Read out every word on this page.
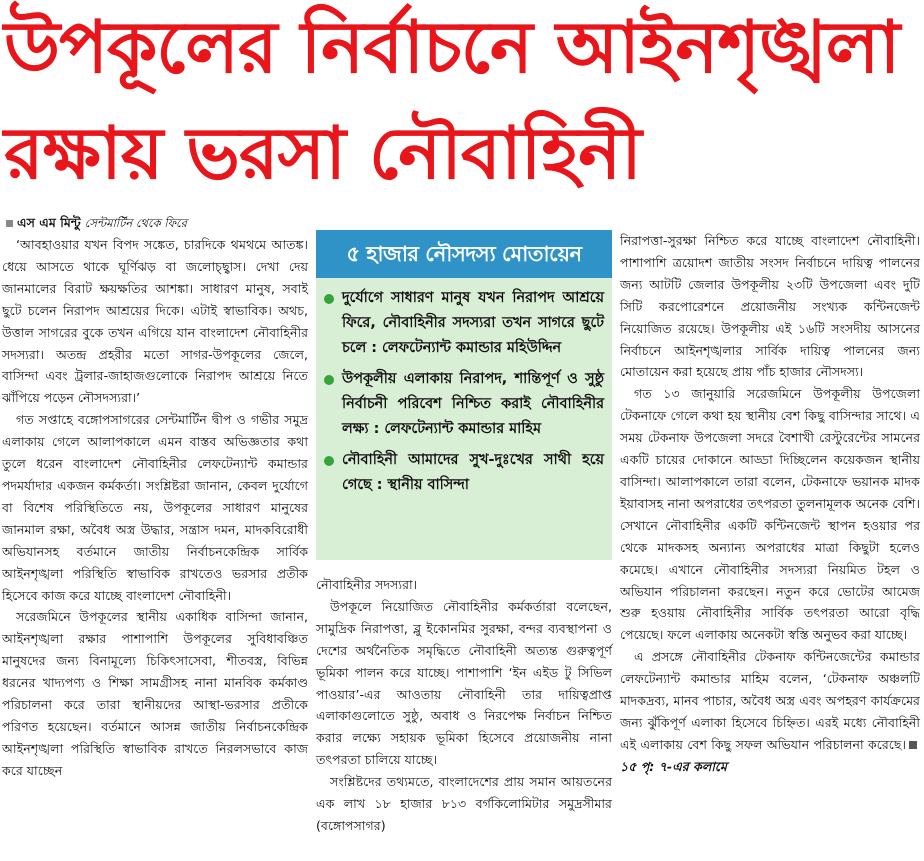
উপকূলের নির্বাচনে আইনশৃঙ্খলা
রক্ষায় ভরসা নৌবাহিনী
এস এম মিন্টু সেন্টমার্টিন থেকে ফিরে

‘আবহাওয়ার যখন বিপদ সঙ্কেত, চারদিকে থমথমে আতঙ্ক। ধেয়ে আসতে থাকে ঘূর্ণিঝড় বা জলোচ্ছ্বাস। দেখা দেয় জানমালের বিরাট ক্ষয়ক্ষতির আশঙ্কা। সাধারণ মানুষ, সবাই ছুটে চলেন নিরাপদ আশ্রয়ের দিকে। এটাই স্বাভাবিক। অথচ, উত্তাল সাগরের বুকে তখন এগিয়ে যান বাংলাদেশ নৌবাহিনীর সদস্যরা। অতন্দ্র প্রহরীর মতো সাগর-উপকূলের জেলে, বাসিন্দা এবং ট্রলার-জাহাজগুলোকে নিরাপদ আশ্রয়ে নিতে ঝাঁপিয়ে পড়েন নৌসদস্যরা।’

গত সপ্তাহে বঙ্গোপসাগরের সেন্টমার্টিন দ্বীপ ও গভীর সমুদ্র এলাকায় গেলে আলাপকালে এমন বাস্তব অভিজ্ঞতার কথা তুলে ধরেন বাংলাদেশ নৌবাহিনীর লেফটেন্যান্ট কমান্ডার পদমর্যাদার একজন কর্মকর্তা। সংশ্লিষ্টরা জানান, কেবল দুর্যোগে বা বিশেষ পরিস্থিতিতে নয়, উপকূলের সাধারণ মানুষের জানমাল রক্ষা, অবৈধ অস্ত্র উদ্ধার, সন্ত্রাস দমন, মাদকবিরোধী অভিযানসহ বর্তমানে জাতীয় নির্বাচনকেন্দ্রিক সার্বিক আইনশৃঙ্খলা পরিস্থিতি স্বাভাবিক রাখতেও ভরসার প্রতীক হিসেবে কাজ করে যাচ্ছে বাংলাদেশ নৌবাহিনী।

সরেজমিনে উপকূলের স্থানীয় একাধিক বাসিন্দা জানান, আইনশৃঙ্খলা রক্ষার পাশাপাশি উপকূলের সুবিধাবঞ্চিত মানুষদের জন্য বিনামূল্যে চিকিৎসাসেবা, শীতবস্ত্র, বিভিন্ন ধরনের খাদ্যপণ্য ও শিক্ষা সামগ্রীসহ নানা মানবিক কর্মকাণ্ড পরিচালনা করে তারা স্থানীয়দের আস্থা-ভরসার প্রতীকে পরিণত হয়েছেন। বর্তমানে আসন্ন জাতীয় নির্বাচনকেন্দ্রিক আইনশৃঙ্খলা পরিস্থিতি স্বাভাবিক রাখতে নিরলসভাবে কাজ করে যাচ্ছেন

৫ হাজার নৌসদস্য মোতায়েন
দুর্যোগে সাধারণ মানুষ যখন নিরাপদ আশ্রয়ে ফিরে, নৌবাহিনীর সদস্যরা তখন সাগরে ছুটে চলে : লেফটেন্যান্ট কমান্ডার মহিউদ্দিন
উপকূলীয় এলাকায় নিরাপদ, শান্তিপূর্ণ ও সুষ্ঠু নির্বাচনী পরিবেশ নিশ্চিত করাই নৌবাহিনীর লক্ষ্য : লেফটেন্যান্ট কমান্ডার মাহিম
নৌবাহিনী আমাদের সুখ-দুঃখের সাথী হয়ে গেছে : স্থানীয় বাসিন্দা

নৌবাহিনীর সদস্যরা।

উপকূলে নিয়োজিত নৌবাহিনীর কর্মকর্তারা বলেছেন, সামুদ্রিক নিরাপত্তা, ব্লু ইকোনমির সুরক্ষা, বন্দর ব্যবস্থাপনা ও দেশের অর্থনৈতিক সমৃদ্ধিতে নৌবাহিনী অত্যন্ত গুরুত্বপূর্ণ ভূমিকা পালন করে যাচ্ছে। পাশাপাশি ‘ইন এইড টু সিভিল পাওয়ার’-এর আওতায় নৌবাহিনী তার দায়িত্বপ্রাপ্ত এলাকাগুলোতে সুষ্ঠু, অবাধ ও নিরপেক্ষ নির্বাচন নিশ্চিত করার লক্ষ্যে সহায়ক ভূমিকা হিসেবে প্রয়োজনীয় নানা তৎপরতা চালিয়ে যাচ্ছে।

সংশ্লিষ্টদের তথ্যমতে, বাংলাদেশের প্রায় সমান আয়তনের এক লাখ ১৮ হাজার ৮১৩ বর্গকিলোমিটার সমুদ্রসীমার (বঙ্গোপসাগর)

নিরাপত্তা-সুরক্ষা নিশ্চিত করে যাচ্ছে বাংলাদেশ নৌবাহিনী। পাশাপাশি ত্রয়োদশ জাতীয় সংসদ নির্বাচনে দায়িত্ব পালনের জন্য আটটি জেলার উপকূলীয় ২৩টি উপজেলা এবং দুটি সিটি করপোরেশনে প্রয়োজনীয় সংখ্যক কন্টিনজেন্ট নিয়োজিত রয়েছে। উপকূলীয় এই ১৬টি সংসদীয় আসনের নির্বাচনে আইনশৃঙ্খলার সার্বিক দায়িত্ব পালনের জন্য মোতায়েন করা হয়েছে প্রায় পাঁচ হাজার নৌসদস্য।

গত ১৩ জানুয়ারি সরেজমিনে উপকূলীয় উপজেলা টেকনাফে গেলে কথা হয় স্থানীয় বেশ কিছু বাসিন্দার সাথে। এ সময় টেকনাফ উপজেলা সদরে বৈশাখী রেস্টুরেন্টের সামনের একটি চায়ের দোকানে আড্ডা দিচ্ছিলেন কয়েকজন স্থানীয় বাসিন্দা। আলাপকালে তারা বলেন, টেকনাফে ভয়ানক মাদক ইয়াবাসহ নানা অপরাধের তৎপরতা তুলনামূলক অনেক বেশি। সেখানে নৌবাহিনীর একটি কন্টিনজেন্ট স্থাপন হওয়ার পর থেকে মাদকসহ অন্যান্য অপরাধের মাত্রা কিছুটা হলেও কমেছে। এখানে নৌবাহিনীর সদস্যরা নিয়মিত টহল ও অভিযান পরিচালনা করছেন। নতুন করে ভোটের আমেজ শুরু হওয়ায় নৌবাহিনীর সার্বিক তৎপরতা আরো বৃদ্ধি পেয়েছে। ফলে এলাকায় অনেকটা স্বস্তি অনুভব করা যাচ্ছে।

এ প্রসঙ্গে নৌবাহিনীর টেকনাফ কন্টিনজেন্টের কমান্ডার লেফটেন্যান্ট কমান্ডার মাহিম বলেন, ‘টেকনাফ অঞ্চলটি মাদকদ্রব্য, মানব পাচার, অবৈধ অস্ত্র এবং অপহরণ কার্যক্রমের জন্য ঝুঁকিপূর্ণ এলাকা হিসেবে চিহ্নিত। এরই মধ্যে নৌবাহিনী এই এলাকায় বেশ কিছু সফল অভিযান পরিচালনা করেছে।১৫ পৃ: ৭-এর কলামে
